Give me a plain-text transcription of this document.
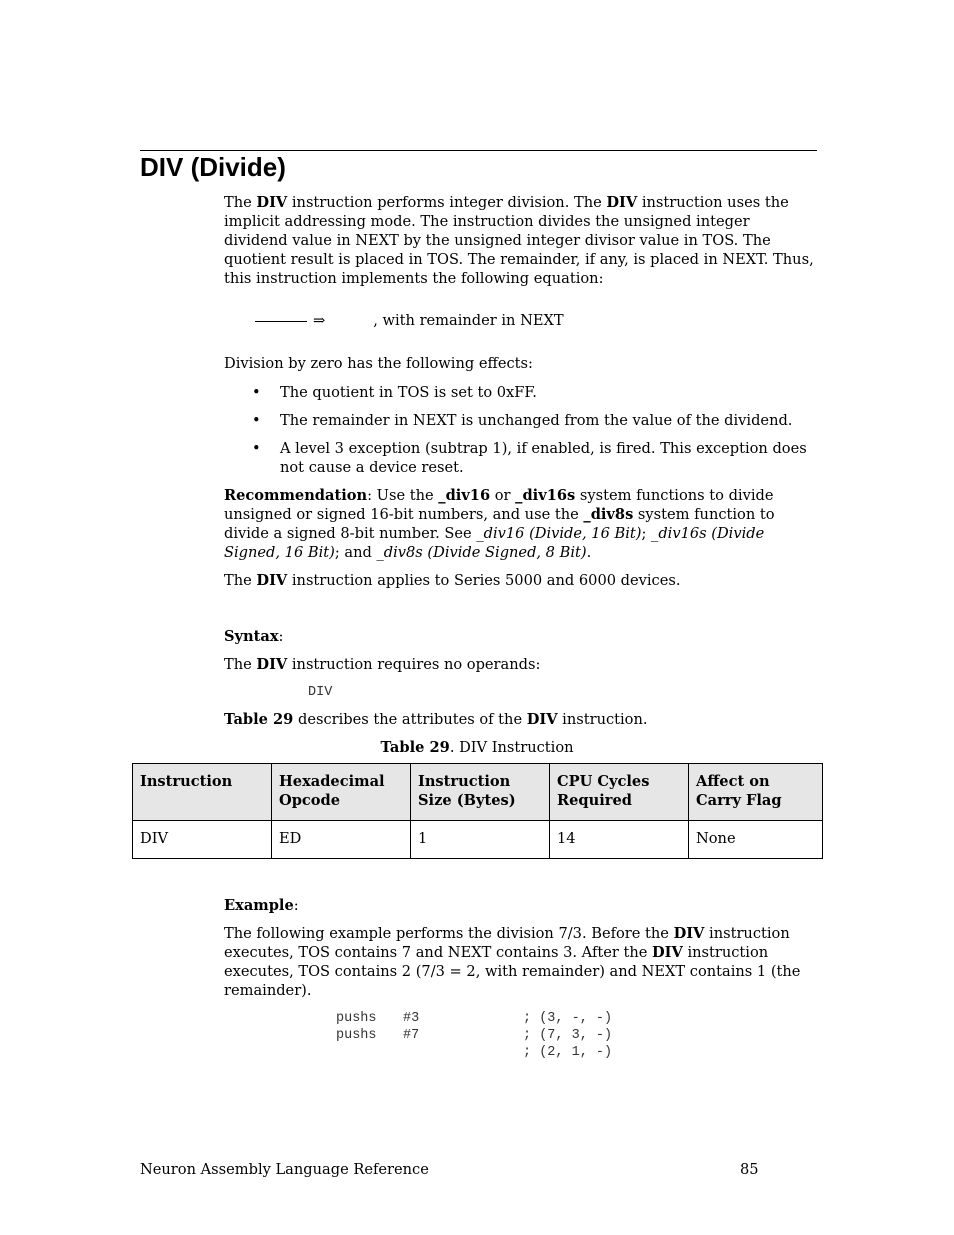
DIV (Divide)

The DIV instruction performs integer division. The DIV instruction uses the implicit addressing mode. The instruction divides the unsigned integer dividend value in NEXT by the unsigned integer divisor value in TOS. The quotient result is placed in TOS. The remainder, if any, is placed in NEXT. Thus, this instruction implements the following equation:

⇒	, with remainder in NEXT
Division by zero has the following effects:
• The quotient in TOS is set to 0xFF.
• The remainder in NEXT is unchanged from the value of the dividend.
• A level 3 exception (subtrap 1), if enabled, is fired. This exception does not cause a device reset.

Recommendation: Use the _div16 or _div16s system functions to divide unsigned or signed 16-bit numbers, and use the _div8s system function to divide a signed 8-bit number. See _div16 (Divide, 16 Bit); _div16s (Divide Signed, 16 Bit); and _div8s (Divide Signed, 8 Bit).

The DIV instruction applies to Series 5000 and 6000 devices.

Syntax:

The DIV instruction requires no operands:

DIV

Table 29 describes the attributes of the DIV instruction.

Table 29. DIV Instruction
Instruction	Hexadecimal Opcode	Instruction Size (Bytes)	CPU Cycles Required	Affect on Carry Flag
DIV	ED	1	14	None
Example:

The following example performs the division 7/3. Before the DIV instruction executes, TOS contains 7 and NEXT contains 3. After the DIV instruction executes, TOS contains 2 (7/3 = 2, with remainder) and NEXT contains 1 (the remainder).

pushs #3	; (3, -, -)
pushs #7	; (7, 3, -)
; (2, 1, -)
Neuron Assembly Language Reference	85
